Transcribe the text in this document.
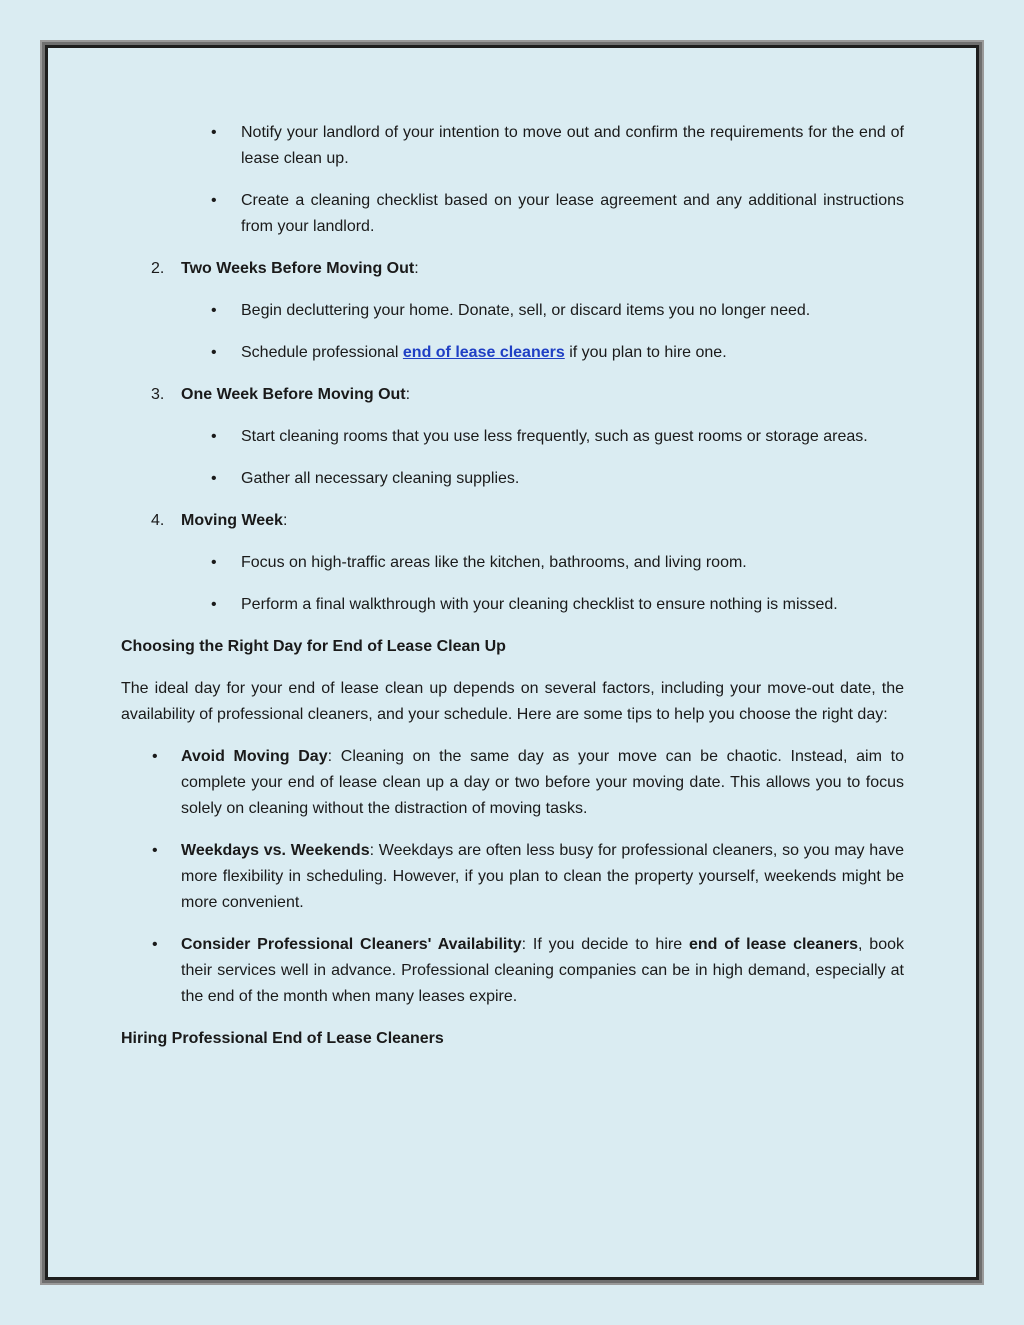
• Notify your landlord of your intention to move out and confirm the requirements for the end of lease clean up.
• Create a cleaning checklist based on your lease agreement and any additional instructions from your landlord.
2. Two Weeks Before Moving Out:
• Begin decluttering your home. Donate, sell, or discard items you no longer need.
• Schedule professional end of lease cleaners if you plan to hire one.
3. One Week Before Moving Out:
• Start cleaning rooms that you use less frequently, such as guest rooms or storage areas.
• Gather all necessary cleaning supplies.
4. Moving Week:
• Focus on high-traffic areas like the kitchen, bathrooms, and living room.
• Perform a final walkthrough with your cleaning checklist to ensure nothing is missed.
Choosing the Right Day for End of Lease Clean Up

The ideal day for your end of lease clean up depends on several factors, including your move-out date, the availability of professional cleaners, and your schedule. Here are some tips to help you choose the right day:

• Avoid Moving Day: Cleaning on the same day as your move can be chaotic. Instead, aim to complete your end of lease clean up a day or two before your moving date. This allows you to focus solely on cleaning without the distraction of moving tasks.
• Weekdays vs. Weekends: Weekdays are often less busy for professional cleaners, so you may have more flexibility in scheduling. However, if you plan to clean the property yourself, weekends might be more convenient.
• Consider Professional Cleaners' Availability: If you decide to hire end of lease cleaners, book their services well in advance. Professional cleaning companies can be in high demand, especially at the end of the month when many leases expire.
Hiring Professional End of Lease Cleaners
